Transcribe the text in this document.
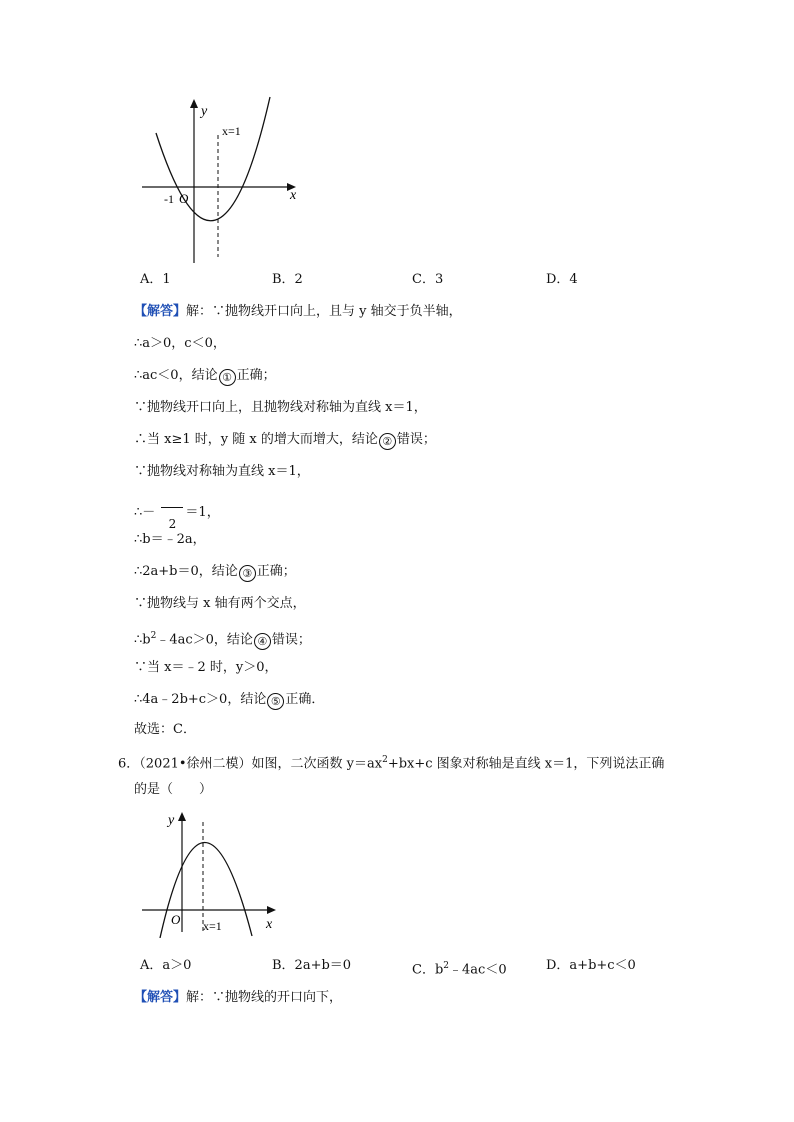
y
x
x=1
O
-1
A．1	B．2	C．3	D．4
【解答】解：∵抛物线开口向上，且与 y 轴交于负半轴，
∴a＞0，c＜0，
∴ac＜0，结论 ① 正确；
∵抛物线开口向上，且抛物线对称轴为直线 x＝1，
∴当 x≥1 时，y 随 x 的增大而增大，结论 ② 错误；
∵抛物线对称轴为直线 x＝1，
∴－
2＝1，
∴b＝﹣2a，
∴2a+b＝0，结论 ③ 正确；
∵抛物线与 x 轴有两个交点，
$\therefore b^2﹣4ac>0$，结论 ④ 错误；
∵当 x＝﹣2 时，y＞0，
∴4a﹣2b+c＞0，结论 ⑤ 正确．
故选：C．
6．（2021•徐州二模）如图，二次函数 $y=ax^2+bx+c$ 图象对称轴是直线 x＝1，下列说法正确
的是（　　）
y
x
x=1
O
A．a＞0	B．2a+b＝0	C．$b^2﹣4ac<0$	D．a+b+c＜0
【解答】解：∵抛物线的开口向下，
